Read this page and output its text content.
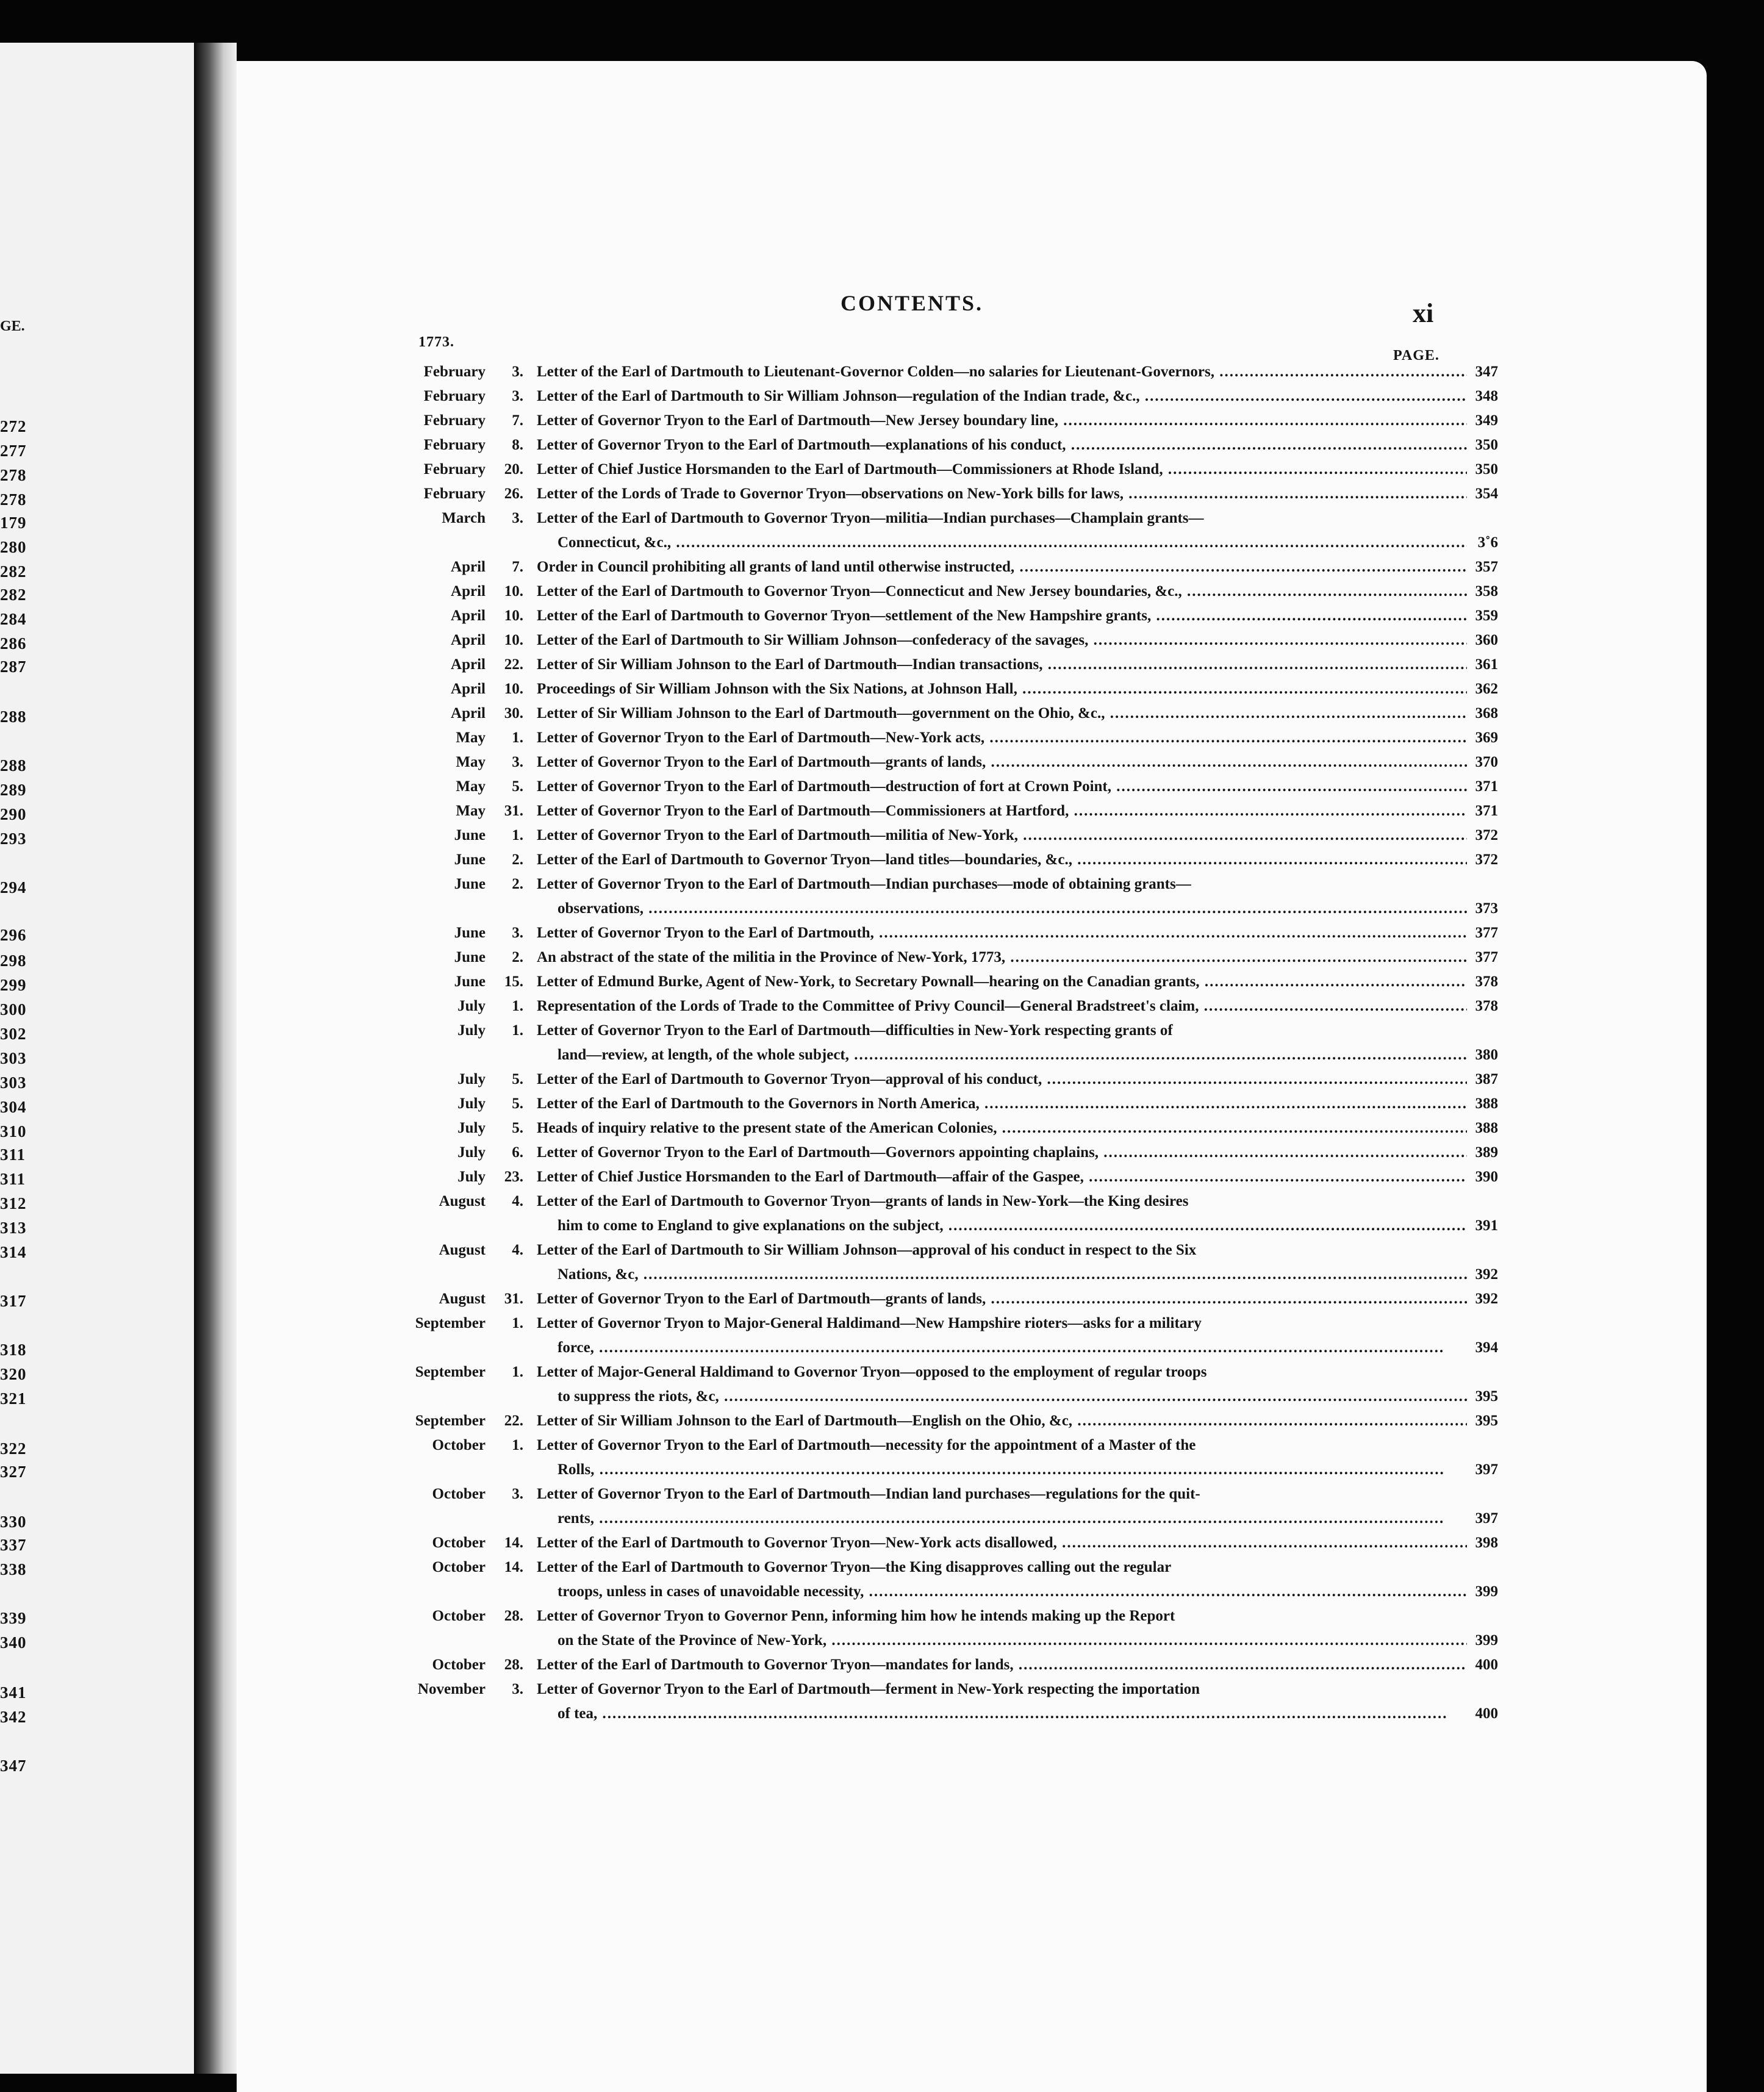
GE.
272
277
278
278
179
280
282
282
284
286
287
288
288
289
290
293
294
296
298
299
300
302
303
303
304
310
311
311
312
313
314
317
318
320
321
322
327
330
337
338
339
340
341
342
347
CONTENTS.	xi
1773.
PAGE.
February	3. Letter of the Earl of Dartmouth to Lieutenant-Governor Colden—no salaries for Lieutenant-Governors, .....	347
February	3. Letter of the Earl of Dartmouth to Sir William Johnson—regulation of the Indian trade, &c., .....	348
February	7. Letter of Governor Tryon to the Earl of Dartmouth—New Jersey boundary line, .....	349
February	8. Letter of Governor Tryon to the Earl of Dartmouth—explanations of his conduct, .....	350
February	20. Letter of Chief Justice Horsmanden to the Earl of Dartmouth—Commissioners at Rhode Island, .....	350
February	26. Letter of the Lords of Trade to Governor Tryon—observations on New-York bills for laws, .....	354
March	3. Letter of the Earl of Dartmouth to Governor Tryon—militia—Indian purchases—Champlain grants—
Connecticut, &c., .....	3˚6
April	7. Order in Council prohibiting all grants of land until otherwise instructed, .....	357
April	10. Letter of the Earl of Dartmouth to Governor Tryon—Connecticut and New Jersey boundaries, &c., .....	358
April	10. Letter of the Earl of Dartmouth to Governor Tryon—settlement of the New Hampshire grants, .....	359
April	10. Letter of the Earl of Dartmouth to Sir William Johnson—confederacy of the savages, .....	360
April	22. Letter of Sir William Johnson to the Earl of Dartmouth—Indian transactions, .....	361
April	10. Proceedings of Sir William Johnson with the Six Nations, at Johnson Hall, .....	362
April	30. Letter of Sir William Johnson to the Earl of Dartmouth—government on the Ohio, &c., .....	368
May	1. Letter of Governor Tryon to the Earl of Dartmouth—New-York acts, .....	369
May	3. Letter of Governor Tryon to the Earl of Dartmouth—grants of lands, .....	370
May	5. Letter of Governor Tryon to the Earl of Dartmouth—destruction of fort at Crown Point, .....	371
May	31. Letter of Governor Tryon to the Earl of Dartmouth—Commissioners at Hartford, .....	371
June	1. Letter of Governor Tryon to the Earl of Dartmouth—militia of New-York, .....	372
June	2. Letter of the Earl of Dartmouth to Governor Tryon—land titles—boundaries, &c., .....	372
June	2. Letter of Governor Tryon to the Earl of Dartmouth—Indian purchases—mode of obtaining grants—
observations, .....	373
June	3. Letter of Governor Tryon to the Earl of Dartmouth, .....	377
June	2. An abstract of the state of the militia in the Province of New-York, 1773, .....	377
June	15. Letter of Edmund Burke, Agent of New-York, to Secretary Pownall—hearing on the Canadian grants, .....	378
July	1. Representation of the Lords of Trade to the Committee of Privy Council—General Bradstreet's claim, .....	378
July	1. Letter of Governor Tryon to the Earl of Dartmouth—difficulties in New-York respecting grants of
land—review, at length, of the whole subject, .....	380
July	5. Letter of the Earl of Dartmouth to Governor Tryon—approval of his conduct, .....	387
July	5. Letter of the Earl of Dartmouth to the Governors in North America, .....	388
July	5. Heads of inquiry relative to the present state of the American Colonies, .....	388
July	6. Letter of Governor Tryon to the Earl of Dartmouth—Governors appointing chaplains, .....	389
July	23. Letter of Chief Justice Horsmanden to the Earl of Dartmouth—affair of the Gaspee, .....	390
August	4. Letter of the Earl of Dartmouth to Governor Tryon—grants of lands in New-York—the King desires
him to come to England to give explanations on the subject, .....	391
August	4. Letter of the Earl of Dartmouth to Sir William Johnson—approval of his conduct in respect to the Six
Nations, &c, .....	392
August	31. Letter of Governor Tryon to the Earl of Dartmouth—grants of lands, .....	392
September	1. Letter of Governor Tryon to Major-General Haldimand—New Hampshire rioters—asks for a military
force, .....	394
September	1. Letter of Major-General Haldimand to Governor Tryon—opposed to the employment of regular troops
to suppress the riots, &c, .....	395
September	22. Letter of Sir William Johnson to the Earl of Dartmouth—English on the Ohio, &c, .....	395
October	1. Letter of Governor Tryon to the Earl of Dartmouth—necessity for the appointment of a Master of the
Rolls, .....	397
October	3. Letter of Governor Tryon to the Earl of Dartmouth—Indian land purchases—regulations for the quit-
rents, .....	397
October	14. Letter of the Earl of Dartmouth to Governor Tryon—New-York acts disallowed, .....	398
October	14. Letter of the Earl of Dartmouth to Governor Tryon—the King disapproves calling out the regular
troops, unless in cases of unavoidable necessity, .....	399
October	28. Letter of Governor Tryon to Governor Penn, informing him how he intends making up the Report
on the State of the Province of New-York, .....	399
October	28. Letter of the Earl of Dartmouth to Governor Tryon—mandates for lands, .....	400
November	3. Letter of Governor Tryon to the Earl of Dartmouth—ferment in New-York respecting the importation
of tea, .....	400
